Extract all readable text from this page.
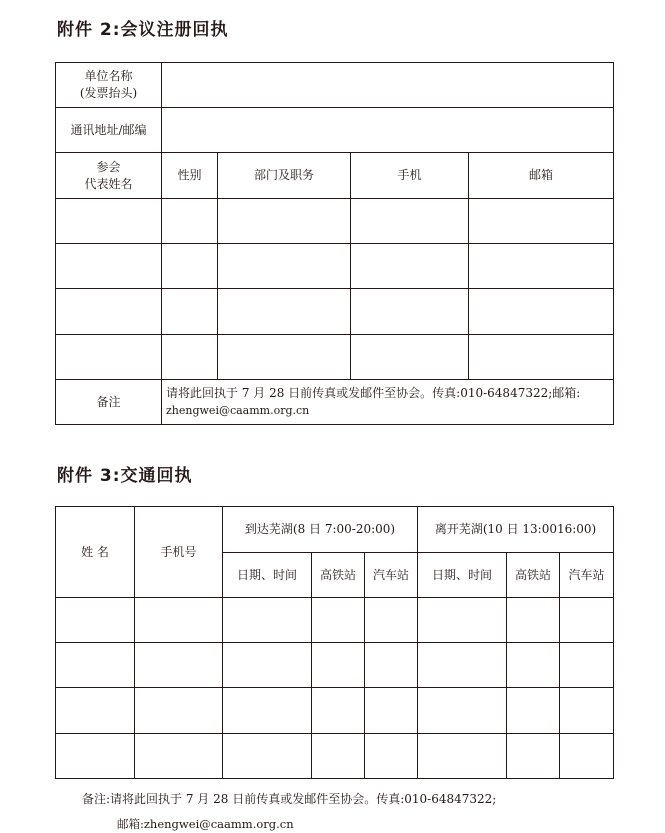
附件 2:会议注册回执
单位名称
(发票抬头)				

通讯地址/邮编				

参会
代表姓名	性别	部门及职务	手机	邮箱

备注	请将此回执于 7 月 28 日前传真或发邮件至协会。传真:010-64847322;邮箱:
zhengwei@caamm.org.cn			
附件 3:交通回执
姓 名	手机号	到达芜湖(8 日 7:00-20:00)			离开芜湖(10 日 13:0016:00)		
		日期、时间	高铁站	汽车站	日期、时间	高铁站	汽车站

备注:请将此回执于 7 月 28 日前传真或发邮件至协会。传真:010-64847322;
邮箱:zhengwei@caamm.org.cn
